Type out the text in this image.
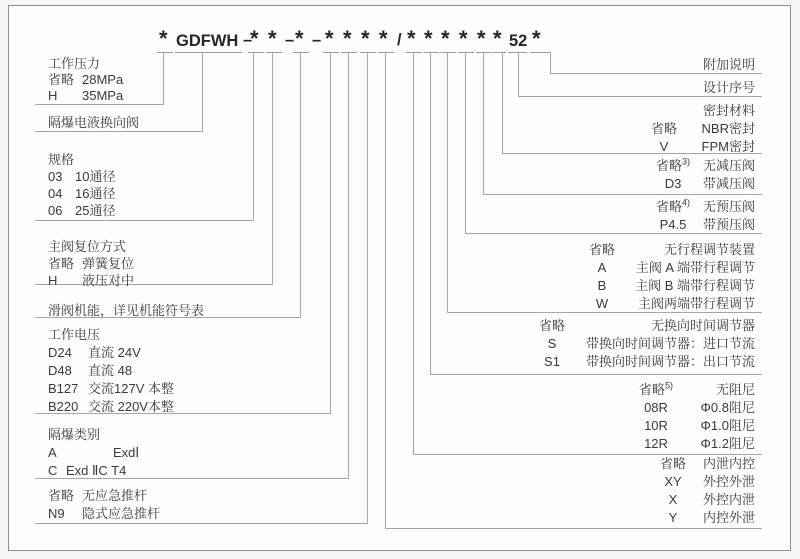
* GDFWH –
* * – * – * * * * / * * * * * * 52 *
工作压力
省略 28MPa
H	35MPa
隔爆电液换向阀
规格
03 10通径
04 16通径
06 25通径
主阀复位方式
省略 弹簧复位
H	液压对中
滑阀机能，详见机能符号表
工作电压
D24	直流 24V
D48	直流 48
B127 交流127V 本整
B220 交流 220V本整
隔爆类别
A	ExdⅠ
C Exd ⅡC T4
省略 无应急推杆
N9	隐式应急推杆
附加说明
设计序号
密封材料
省略	NBR密封
V	FPM密封
省略$^{3)}$ 无减压阀
D3	带减压阀
省略$^{4)}$ 无预压阀
P4.5	带预压阀
省略	无行程调节装置
A	主阀 A 端带行程调节
B	主阀 B 端带行程调节
W	主阀两端带行程调节
省略	无换向时间调节器
S	带换向时间调节器：进口节流
S1	带换向时间调节器：出口节流
省略$^{5)}$	无阻尼
08R	Φ0.8阻尼
10R	Φ1.0阻尼
12R	Φ1.2阻尼
省略	内泄内控
XY	外控外泄
X	外控内泄
Y	内控外泄
